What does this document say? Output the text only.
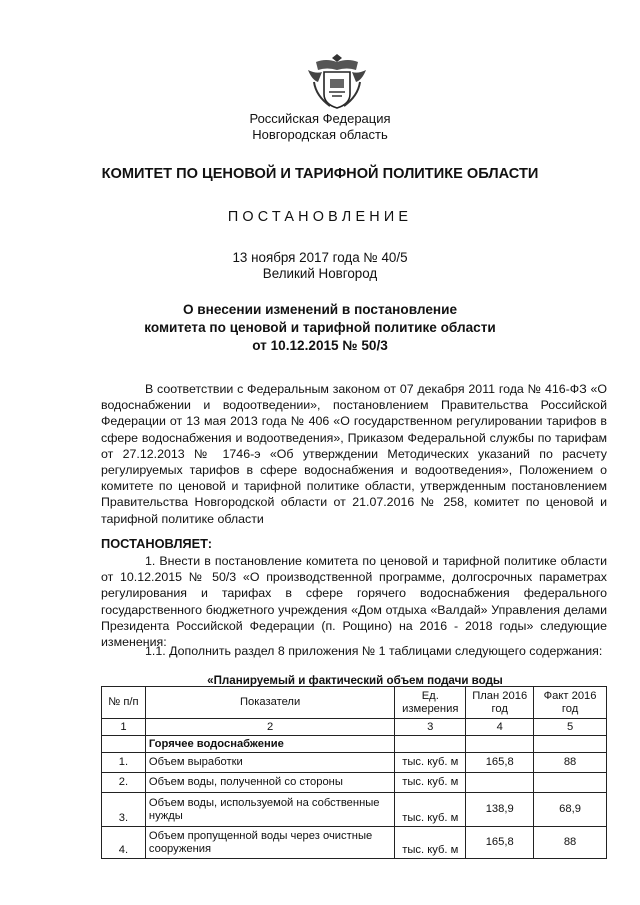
Российская Федерация
Новгородская область
КОМИТЕТ ПО ЦЕНОВОЙ И ТАРИФНОЙ ПОЛИТИКЕ ОБЛАСТИ
ПОСТАНОВЛЕНИЕ
13 ноября 2017 года № 40/5
Великий Новгород
О внесении изменений в постановление
комитета по ценовой и тарифной политике области
от 10.12.2015 № 50/3

В соответствии с Федеральным законом от 07 декабря 2011 года № 416-ФЗ «О водоснабжении и водоотведении», постановлением Правительства Российской Федерации от 13 мая 2013 года № 406 «О государственном регулировании тарифов в сфере водоснабжения и водоотведения», Приказом Федеральной службы по тарифам от 27.12.2013 № 1746-э «Об утверждении Методических указаний по расчету регулируемых тарифов в сфере водоснабжения и водоотведения», Положением о комитете по ценовой и тарифной политике области, утвержденным постановлением Правительства Новгородской области от 21.07.2016 № 258, комитет по ценовой и тарифной политике области

ПОСТАНОВЛЯЕТ:

1. Внести в постановление комитета по ценовой и тарифной политике области от 10.12.2015 № 50/3 «О производственной программе, долгосрочных параметрах регулирования и тарифах в сфере горячего водоснабжения федерального государственного бюджетного учреждения «Дом отдыха «Валдай» Управления делами Президента Российской Федерации (п. Рощино) на 2016 - 2018 годы» следующие изменения:

1.1. Дополнить раздел 8 приложения № 1 таблицами следующего содержания:

«Планируемый и фактический объем подачи воды
№ п/п	Показатели	Ед. измерения	План 2016 год	Факт 2016 год
1	2	3	4	5
	Горячее водоснабжение			
1.	Объем выработки	тыс. куб. м	165,8	88
2.	Объем воды, полученной со стороны	тыс. куб. м		
3.	Объем воды, используемой на собственные нужды	тыс. куб. м	138,9	68,9
4.	Объем пропущенной воды через очистные сооружения	тыс. куб. м	165,8	88
